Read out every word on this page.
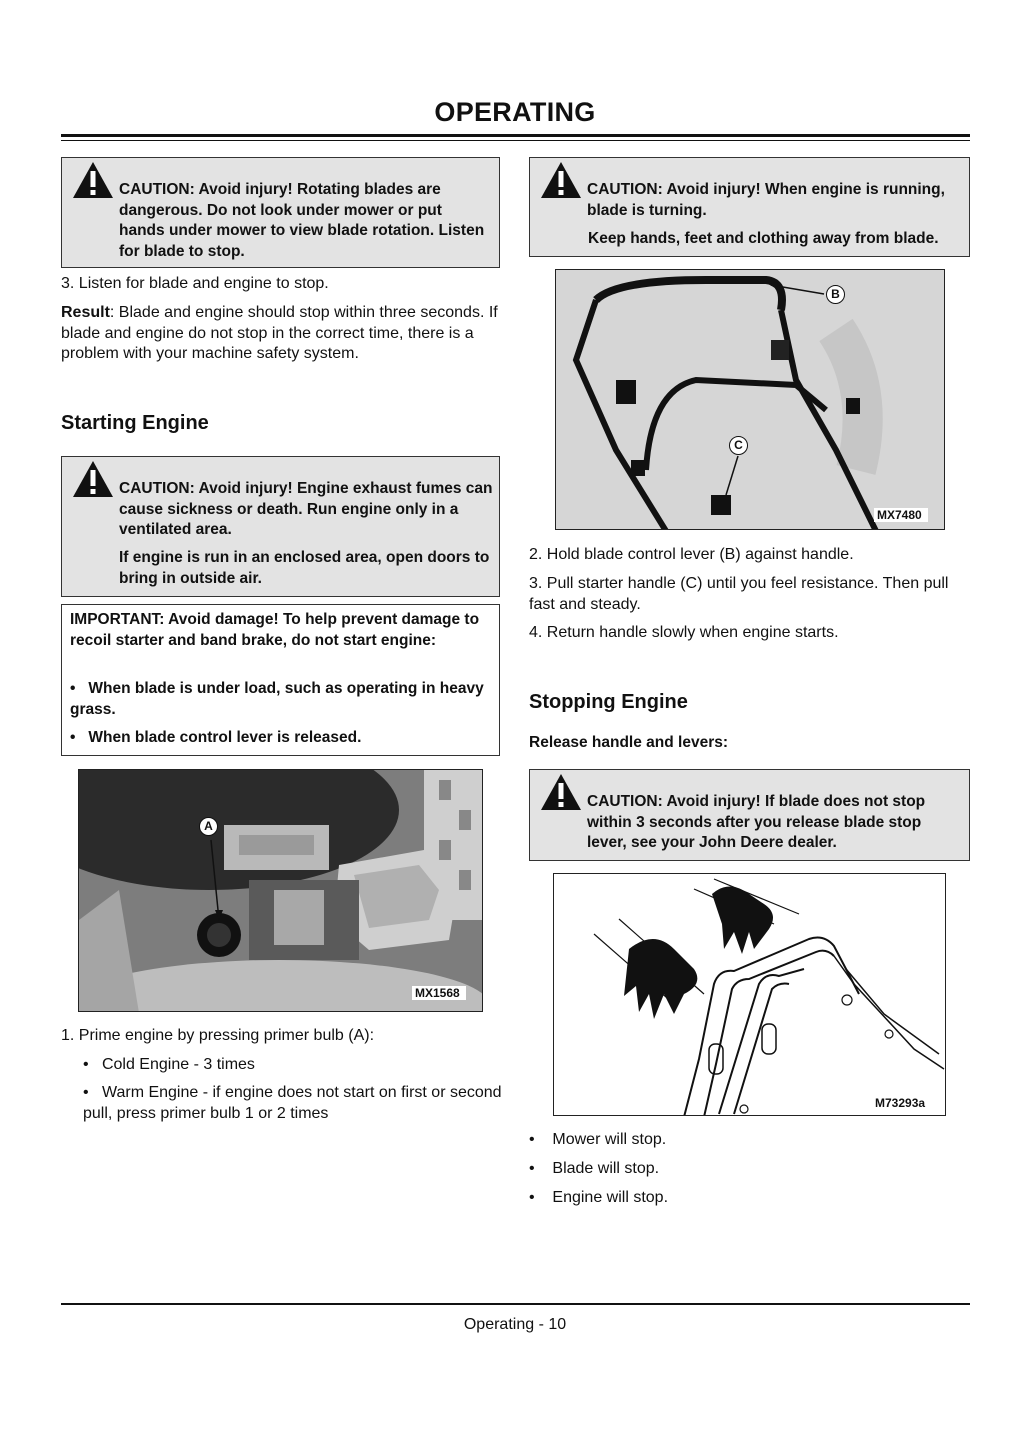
OPERATING

CAUTION: Avoid injury! Rotating blades are dangerous. Do not look under mower or put hands under mower to view blade rotation. Listen for blade to stop.

3. Listen for blade and engine to stop.

Result: Blade and engine should stop within three seconds. If blade and engine do not stop in the correct time, there is a problem with your machine safety system.

Starting Engine

CAUTION: Avoid injury! Engine exhaust fumes can cause sickness or death. Run engine only in a ventilated area.

If engine is run in an enclosed area, open doors to bring in outside air.

IMPORTANT: Avoid damage! To help prevent damage to recoil starter and band brake, do not start engine:

• When blade is under load, such as operating in heavy grass.

• When blade control lever is released.

A
MX1568

1. Prime engine by pressing primer bulb (A):

• Cold Engine - 3 times
• Warm Engine - if engine does not start on first or second pull, press primer bulb 1 or 2 times

CAUTION: Avoid injury! When engine is running, blade is turning.

Keep hands, feet and clothing away from blade.

B
C
MX7480

2. Hold blade control lever (B) against handle.

3. Pull starter handle (C) until you feel resistance. Then pull fast and steady.

4. Return handle slowly when engine starts.

Stopping Engine
Release handle and levers:

CAUTION: Avoid injury! If blade does not stop within 3 seconds after you release blade stop lever, see your John Deere dealer.

M73293a
• Mower will stop.
• Blade will stop.
• Engine will stop.
Operating - 10
